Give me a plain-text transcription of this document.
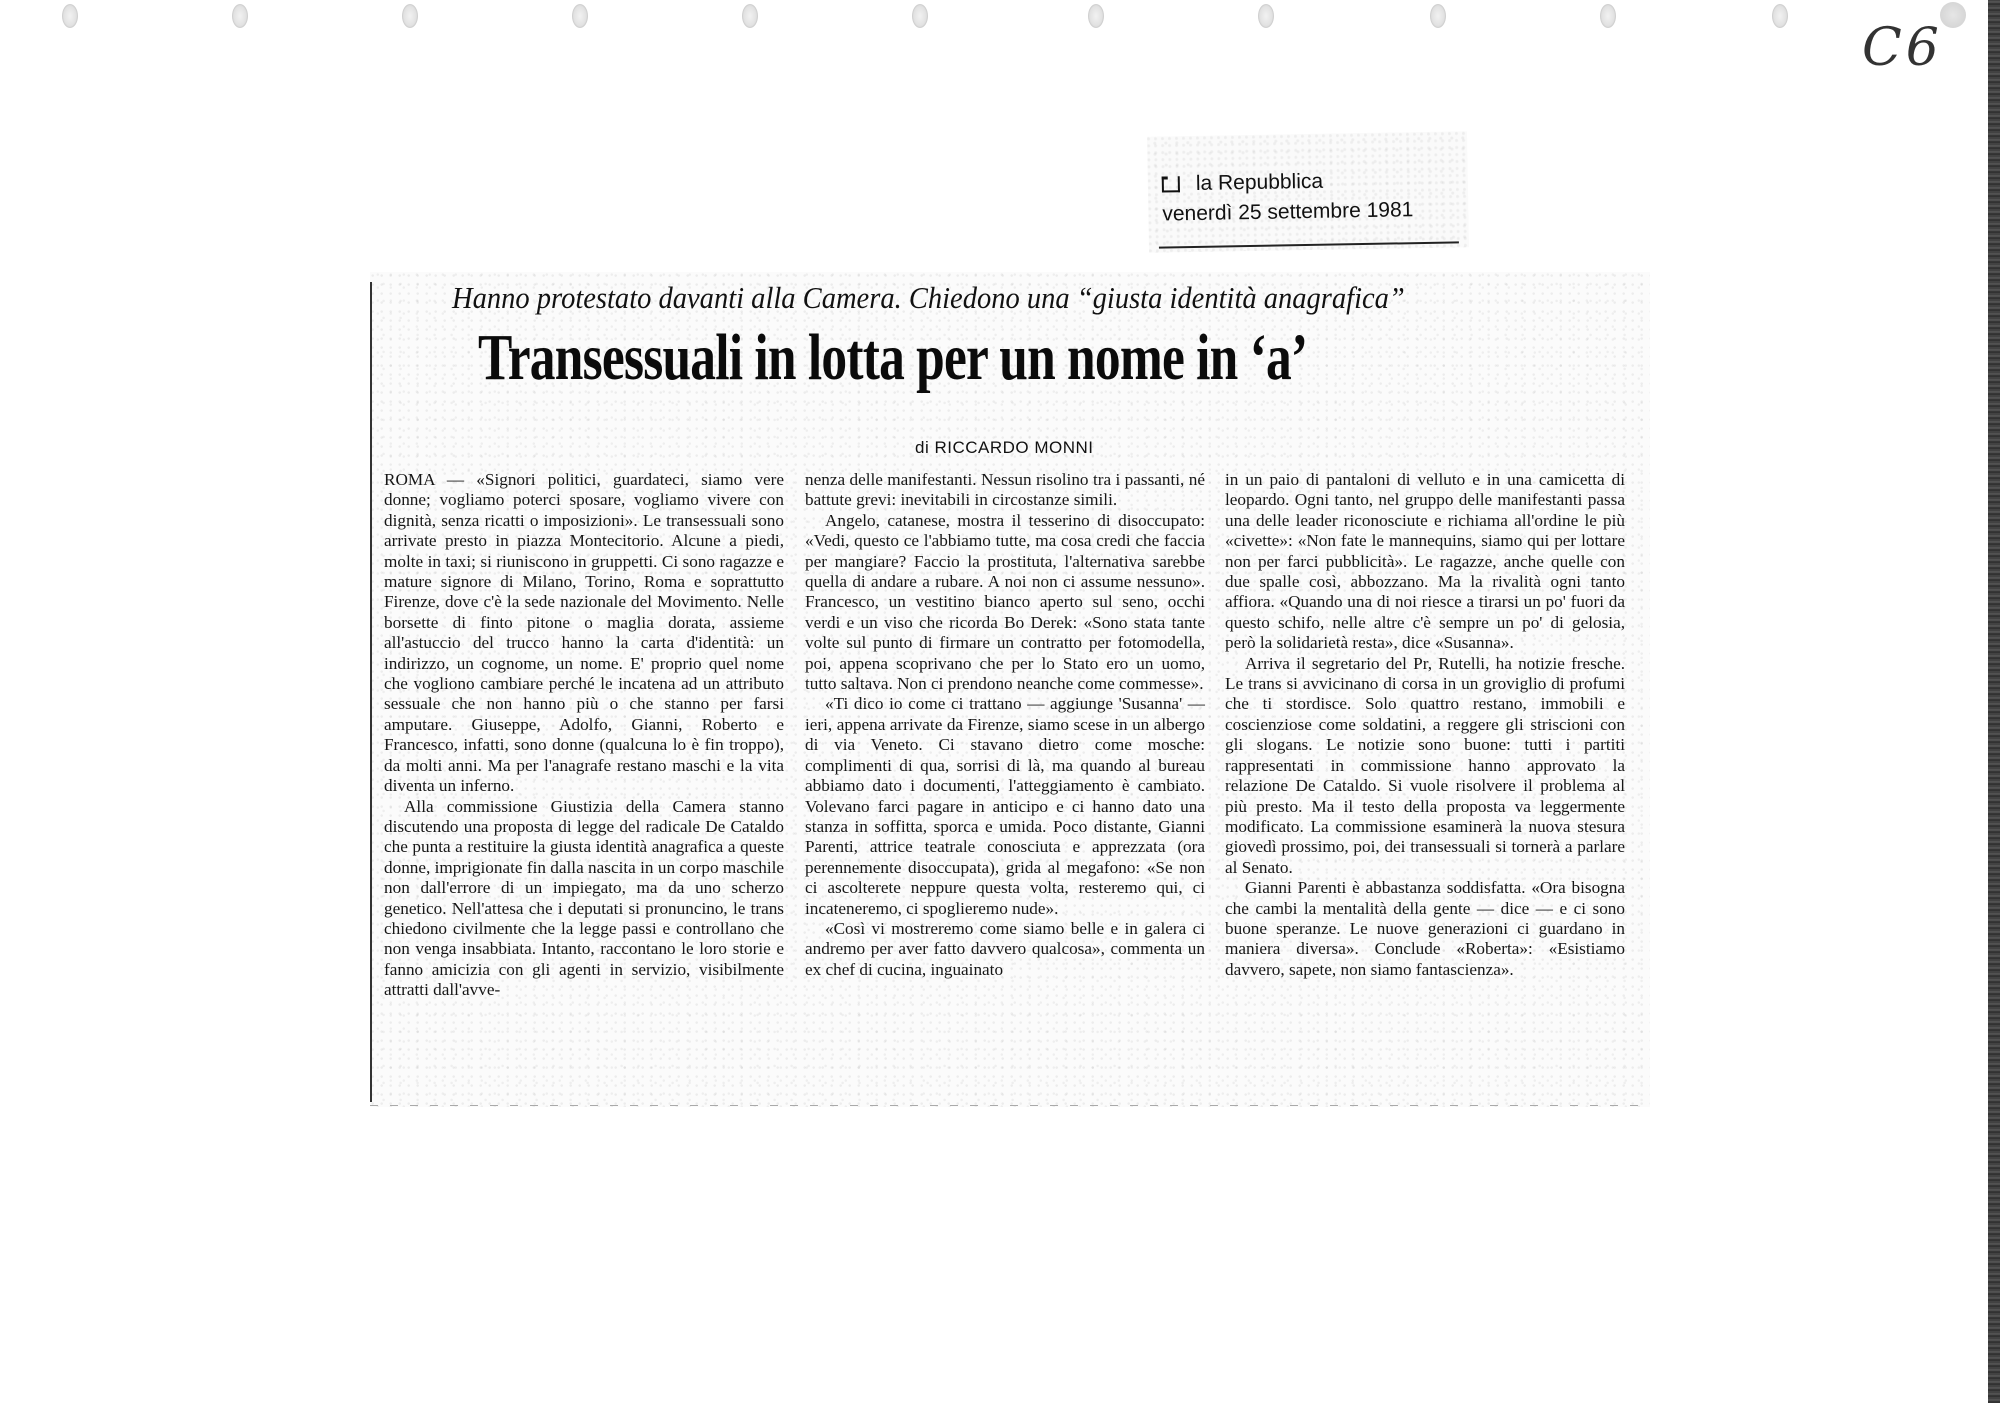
C6
la Repubblica
venerdì 25 settembre 1981
Hanno protestato davanti alla Camera. Chiedono una “giusta identità anagrafica”
Transessuali in lotta per un nome in ‘a’
di RICCARDO MONNI

ROMA — «Signori politici, guardateci, siamo vere donne; vogliamo poterci sposare, vogliamo vivere con dignità, senza ricatti o imposizioni». Le transessuali sono arrivate presto in piazza Montecitorio. Alcune a piedi, molte in taxi; si riuniscono in gruppetti. Ci sono ragazze e mature signore di Milano, Torino, Roma e soprattutto Firenze, dove c'è la sede nazionale del Movimento. Nelle borsette di finto pitone o maglia dorata, assieme all'astuccio del trucco hanno la carta d'identità: un indirizzo, un cognome, un nome. E' proprio quel nome che vogliono cambiare perché le incatena ad un attributo sessuale che non hanno più o che stanno per farsi amputare. Giuseppe, Adolfo, Gianni, Roberto e Francesco, infatti, sono donne (qualcuna lo è fin troppo), da molti anni. Ma per l'anagrafe restano maschi e la vita diventa un inferno.

Alla commissione Giustizia della Camera stanno discutendo una proposta di legge del radicale De Cataldo che punta a restituire la giusta identità anagrafica a queste donne, imprigionate fin dalla nascita in un corpo maschile non dall'errore di un impiegato, ma da uno scherzo genetico. Nell'attesa che i deputati si pronuncino, le trans chiedono civilmente che la legge passi e controllano che non venga insabbiata. Intanto, raccontano le loro storie e fanno amicizia con gli agenti in servizio, visibilmente attratti dall'avve-

nenza delle manifestanti. Nessun risolino tra i passanti, né battute grevi: inevitabili in circostanze simili.

Angelo, catanese, mostra il tesserino di disoccupato: «Vedi, questo ce l'abbiamo tutte, ma cosa credi che faccia per mangiare? Faccio la prostituta, l'alternativa sarebbe quella di andare a rubare. A noi non ci assume nessuno». Francesco, un vestitino bianco aperto sul seno, occhi verdi e un viso che ricorda Bo Derek: «Sono stata tante volte sul punto di firmare un contratto per fotomodella, poi, appena scoprivano che per lo Stato ero un uomo, tutto saltava. Non ci prendono neanche come commesse».

«Ti dico io come ci trattano — aggiunge 'Susanna' — ieri, appena arrivate da Firenze, siamo scese in un albergo di via Veneto. Ci stavano dietro come mosche: complimenti di qua, sorrisi di là, ma quando al bureau abbiamo dato i documenti, l'atteggiamento è cambiato. Volevano farci pagare in anticipo e ci hanno dato una stanza in soffitta, sporca e umida. Poco distante, Gianni Parenti, attrice teatrale conosciuta e apprezzata (ora perennemente disoccupata), grida al megafono: «Se non ci ascolterete neppure questa volta, resteremo qui, ci incateneremo, ci spoglieremo nude».

«Così vi mostreremo come siamo belle e in galera ci andremo per aver fatto davvero qualcosa», commenta un ex chef di cucina, inguainato

in un paio di pantaloni di velluto e in una camicetta di leopardo. Ogni tanto, nel gruppo delle manifestanti passa una delle leader riconosciute e richiama all'ordine le più «civette»: «Non fate le mannequins, siamo qui per lottare non per farci pubblicità». Le ragazze, anche quelle con due spalle così, abbozzano. Ma la rivalità ogni tanto affiora. «Quando una di noi riesce a tirarsi un po' fuori da questo schifo, nelle altre c'è sempre un po' di gelosia, però la solidarietà resta», dice «Susanna».

Arriva il segretario del Pr, Rutelli, ha notizie fresche. Le trans si avvicinano di corsa in un groviglio di profumi che ti stordisce. Solo quattro restano, immobili e coscienziose come soldatini, a reggere gli striscioni con gli slogans. Le notizie sono buone: tutti i partiti rappresentati in commissione hanno approvato la relazione De Cataldo. Si vuole risolvere il problema al più presto. Ma il testo della proposta va leggermente modificato. La commissione esaminerà la nuova stesura giovedì prossimo, poi, dei transessuali si tornerà a parlare al Senato.

Gianni Parenti è abbastanza soddisfatta. «Ora bisogna che cambi la mentalità della gente — dice — e ci sono buone speranze. Le nuove generazioni ci guardano in maniera diversa». Conclude «Roberta»: «Esistiamo davvero, sapete, non siamo fantascienza».
